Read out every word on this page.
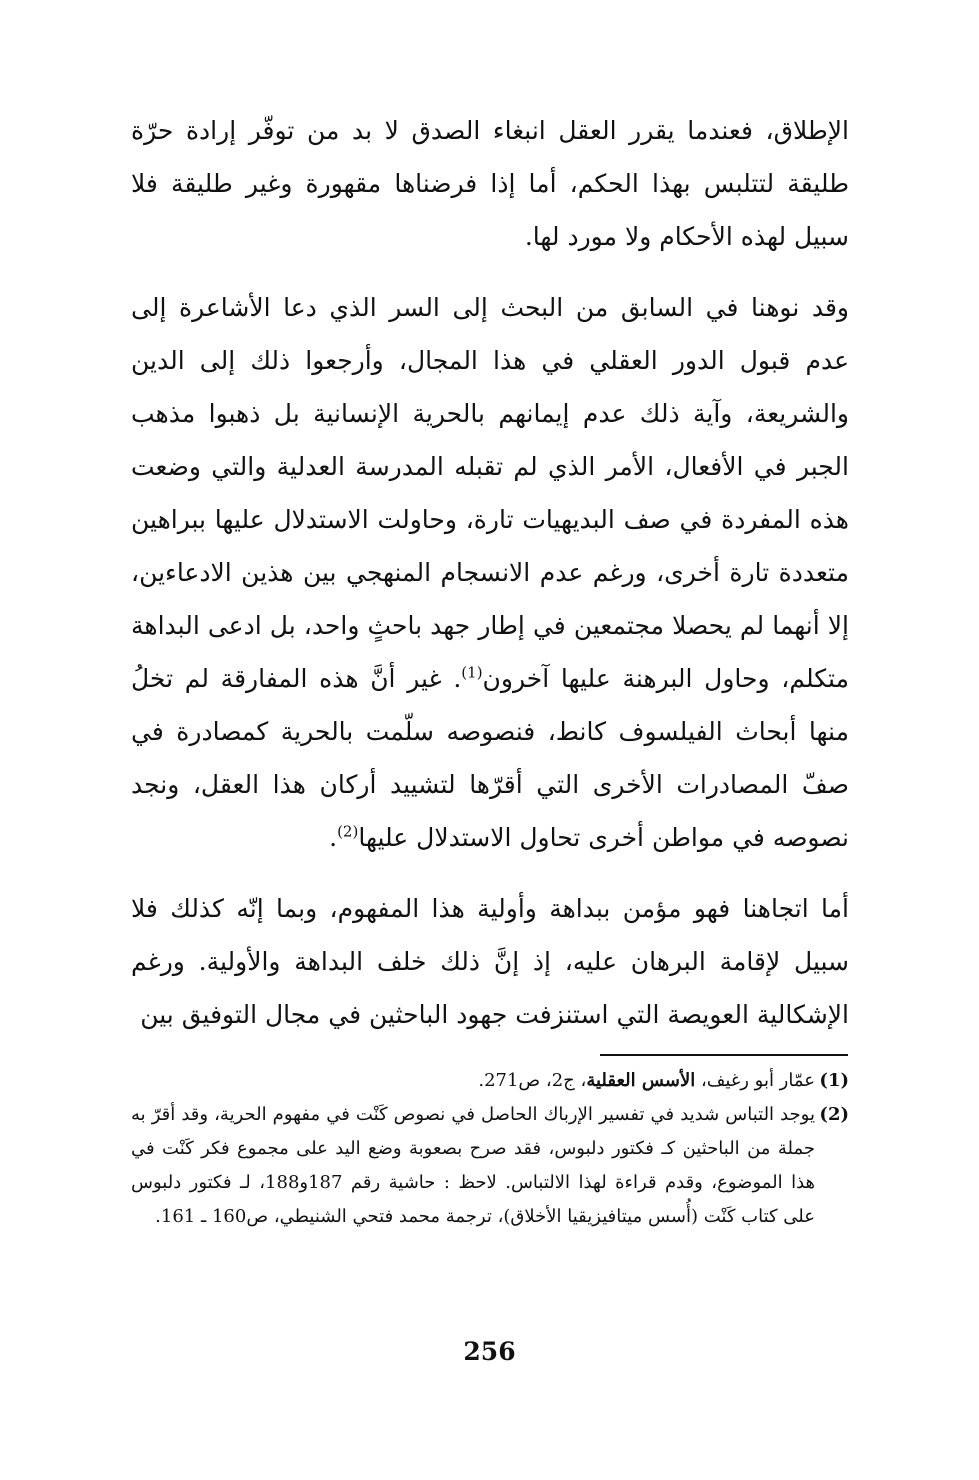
الإطلاق، فعندما يقرر العقل انبغاء الصدق لا بد من توفّر إرادة حرّة طليقة لتتلبس بهذا الحكم، أما إذا فرضناها مقهورة وغير طليقة فلا سبيل لهذه الأحكام ولا مورد لها.

وقد نوهنا في السابق من البحث إلى السر الذي دعا الأشاعرة إلى عدم قبول الدور العقلي في هذا المجال، وأرجعوا ذلك إلى الدين والشريعة، وآية ذلك عدم إيمانهم بالحرية الإنسانية بل ذهبوا مذهب الجبر في الأفعال، الأمر الذي لم تقبله المدرسة العدلية والتي وضعت هذه المفردة في صف البديهيات تارة، وحاولت الاستدلال عليها ببراهين متعددة تارة أخرى، ورغم عدم الانسجام المنهجي بين هذين الادعاءين، إلا أنهما لم يحصلا مجتمعين في إطار جهد باحثٍ واحد، بل ادعى البداهة متكلم، وحاول البرهنة عليها آخرون$^{(1)}$. غير أنَّ هذه المفارقة لم تخلُ منها أبحاث الفيلسوف كانط، فنصوصه سلّمت بالحرية كمصادرة في صفّ المصادرات الأخرى التي أقرّها لتشييد أركان هذا العقل، ونجد نصوصه في مواطن أخرى تحاول الاستدلال عليها$^{(2)}$.

أما اتجاهنا فهو مؤمن ببداهة وأولية هذا المفهوم، وبما إنّه كذلك فلا سبيل لإقامة البرهان عليه، إذ إنَّ ذلك خلف البداهة والأولية. ورغم الإشكالية العويصة التي استنزفت جهود الباحثين في مجال التوفيق بين

(1)
عمّار أبو رغيف، الأسس العقلية، ج2، ص271.
(2)
يوجد التباس شديد في تفسير الإرباك الحاصل في نصوص كَنْت في مفهوم الحرية، وقد أقرّ به جملة من الباحثين كـ فكتور دلبوس، فقد صرح بصعوبة وضع اليد على مجموع فكر كَنْت في هذا الموضوع، وقدم قراءة لهذا الالتباس. لاحظ : حاشية رقم 187و188، لـ فكتور دلبوس على كتاب كَنْت (أُسس ميتافيزيقيا الأخلاق)، ترجمة محمد فتحي الشنيطي، ص160 ـ 161.
256
